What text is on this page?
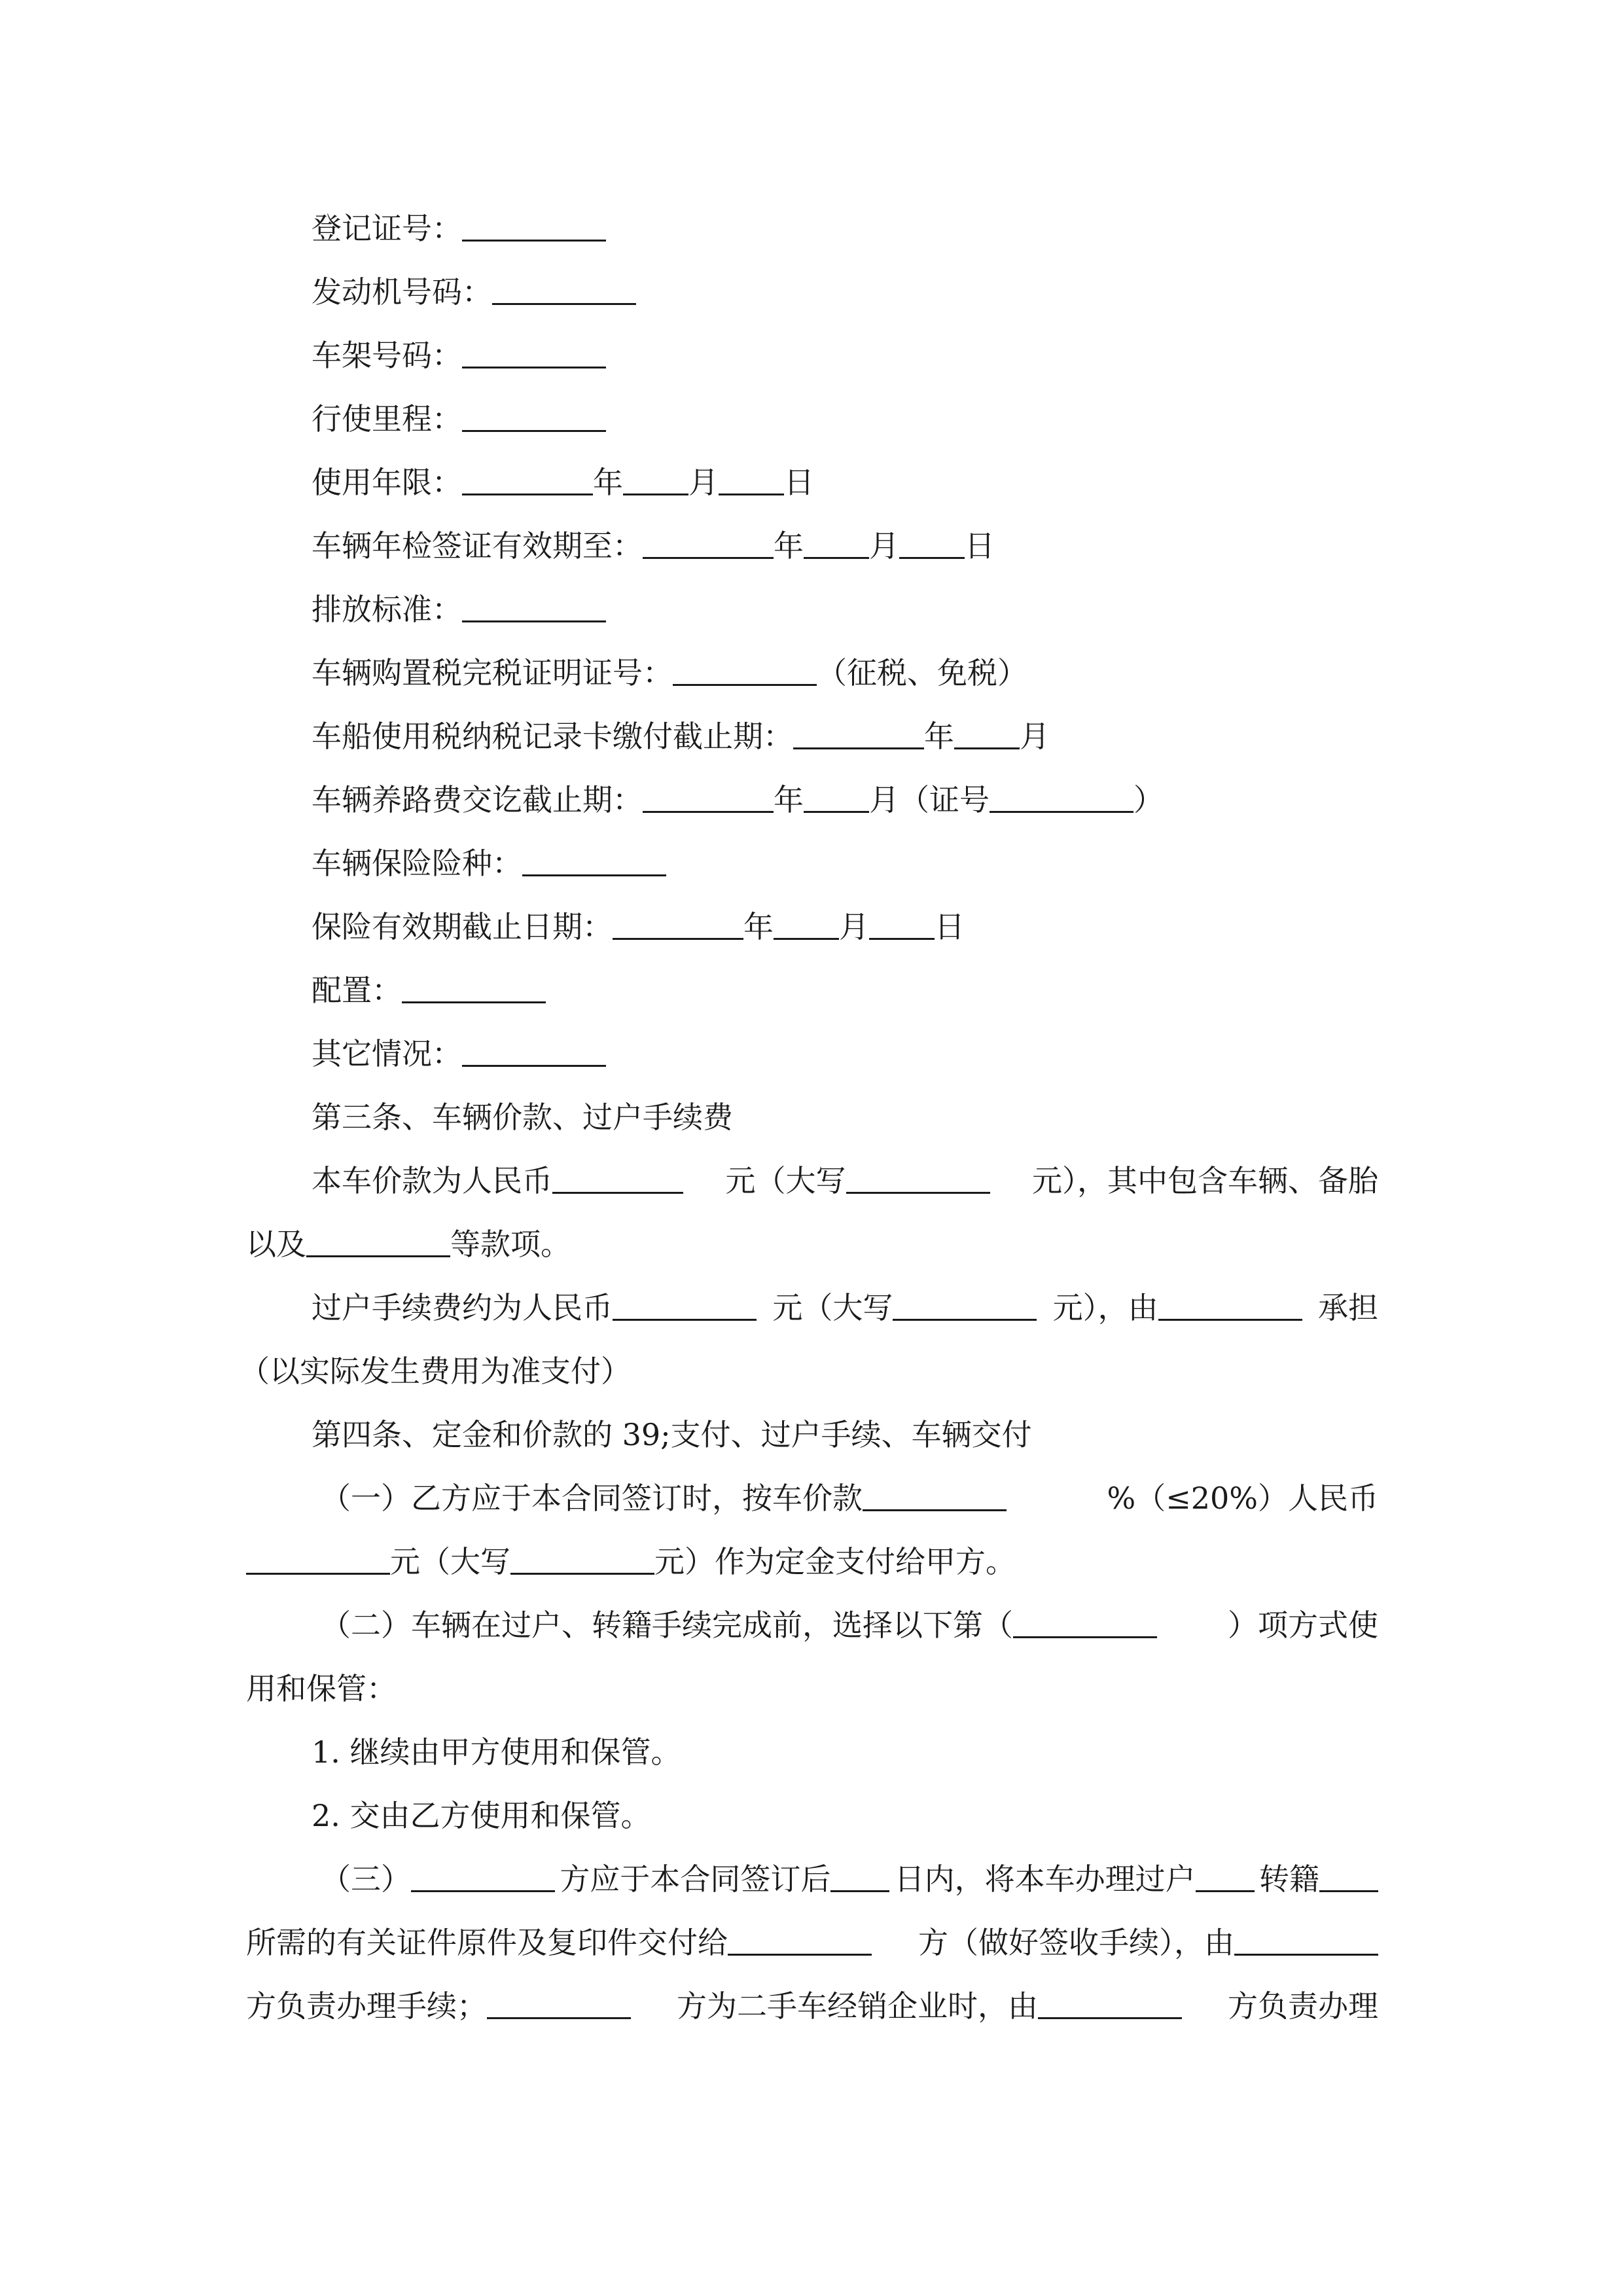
登记证号：
发动机号码：
车架号码：
行使里程：
使用年限：	年 月 日
车辆年检签证有效期至：	年 月 日
排放标准：
车辆购置税完税证明证号：	（征税、免税）
车船使用税纳税记录卡缴付截止期：	年 月
车辆养路费交讫截止期：	年 月（证号	）
车辆保险险种：
保险有效期截止日期：	年 月 日
配置：
其它情况：
第三条、车辆价款、过户手续费
本车价款为人民币	元（大写	元），其中包含车辆、备胎
以及	等款项。
过户手续费约为人民币	元（大写	元），由	承担
（以实际发生费用为准支付）
第四条、定金和价款的 39;支付、过户手续、车辆交付
（一）乙方应于本合同签订时，按车价款	%（≤20%）人民币
元（大写	元）作为定金支付给甲方。
（二）车辆在过户、转籍手续完成前，选择以下第（	）项方式使
用和保管：
1. 继续由甲方使用和保管。
2. 交由乙方使用和保管。
（三）	方应于本合同签订后	日内，将本车办理过户	转籍
所需的有关证件原件及复印件交付给	方（做好签收手续），由
方负责办理手续；	方为二手车经销企业时，由	方负责办理
